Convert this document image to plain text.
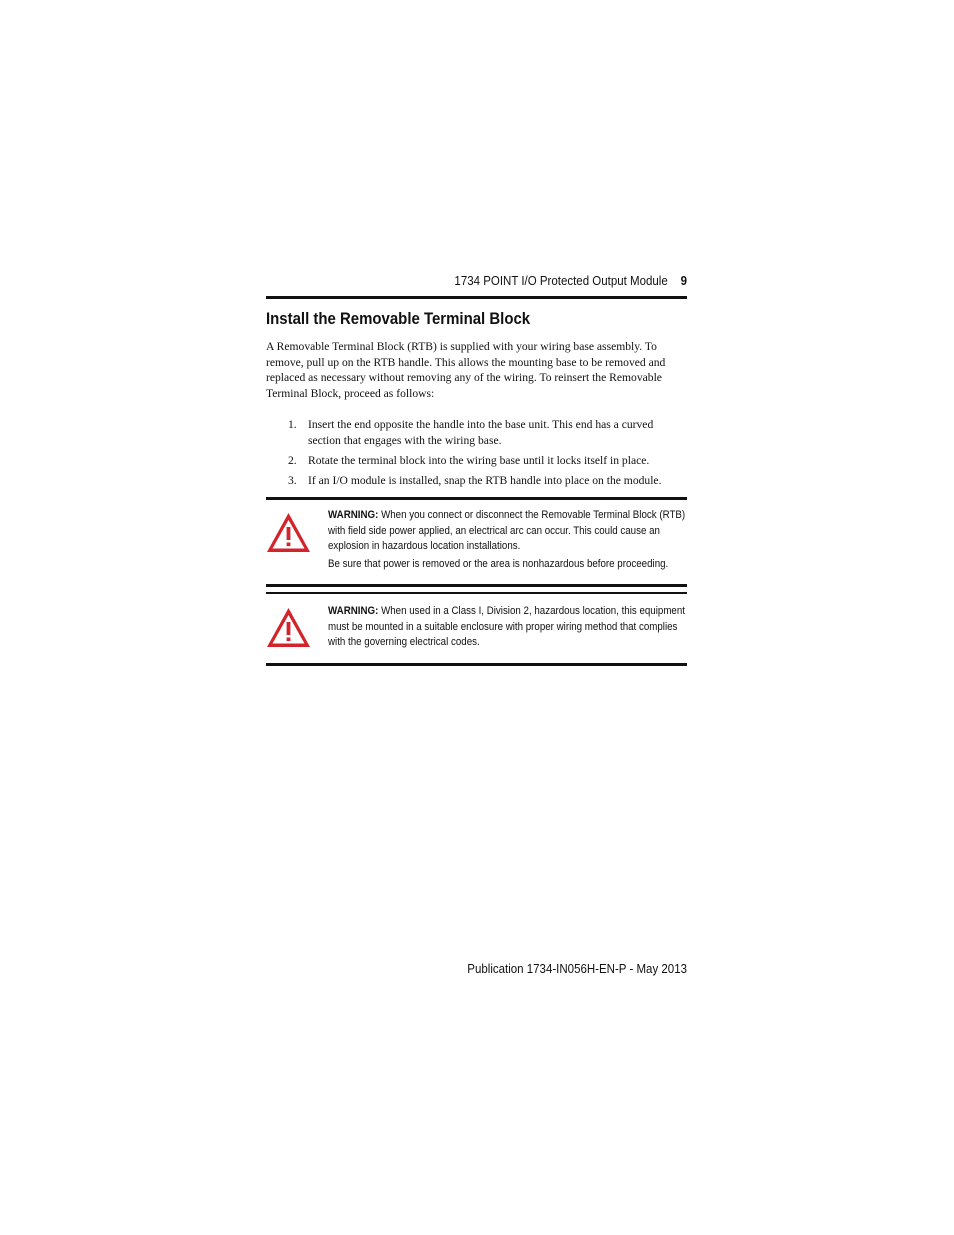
1734 POINT I/O Protected Output Module 9
Install the Removable Terminal Block

A Removable Terminal Block (RTB) is supplied with your wiring base assembly. To remove, pull up on the RTB handle. This allows the mounting base to be removed and replaced as necessary without removing any of the wiring. To reinsert the Removable Terminal Block, proceed as follows:

1. Insert the end opposite the handle into the base unit. This end has a curved section that engages with the wiring base.
2. Rotate the terminal block into the wiring base until it locks itself in place.
3. If an I/O module is installed, snap the RTB handle into place on the module.

WARNING: When you connect or disconnect the Removable Terminal Block (RTB) with field side power applied, an electrical arc can occur. This could cause an explosion in hazardous location installations.

Be sure that power is removed or the area is nonhazardous before proceeding.

WARNING: When used in a Class I, Division 2, hazardous location, this equipment must be mounted in a suitable enclosure with proper wiring method that complies with the governing electrical codes.

Publication 1734-IN056H-EN-P - May 2013
